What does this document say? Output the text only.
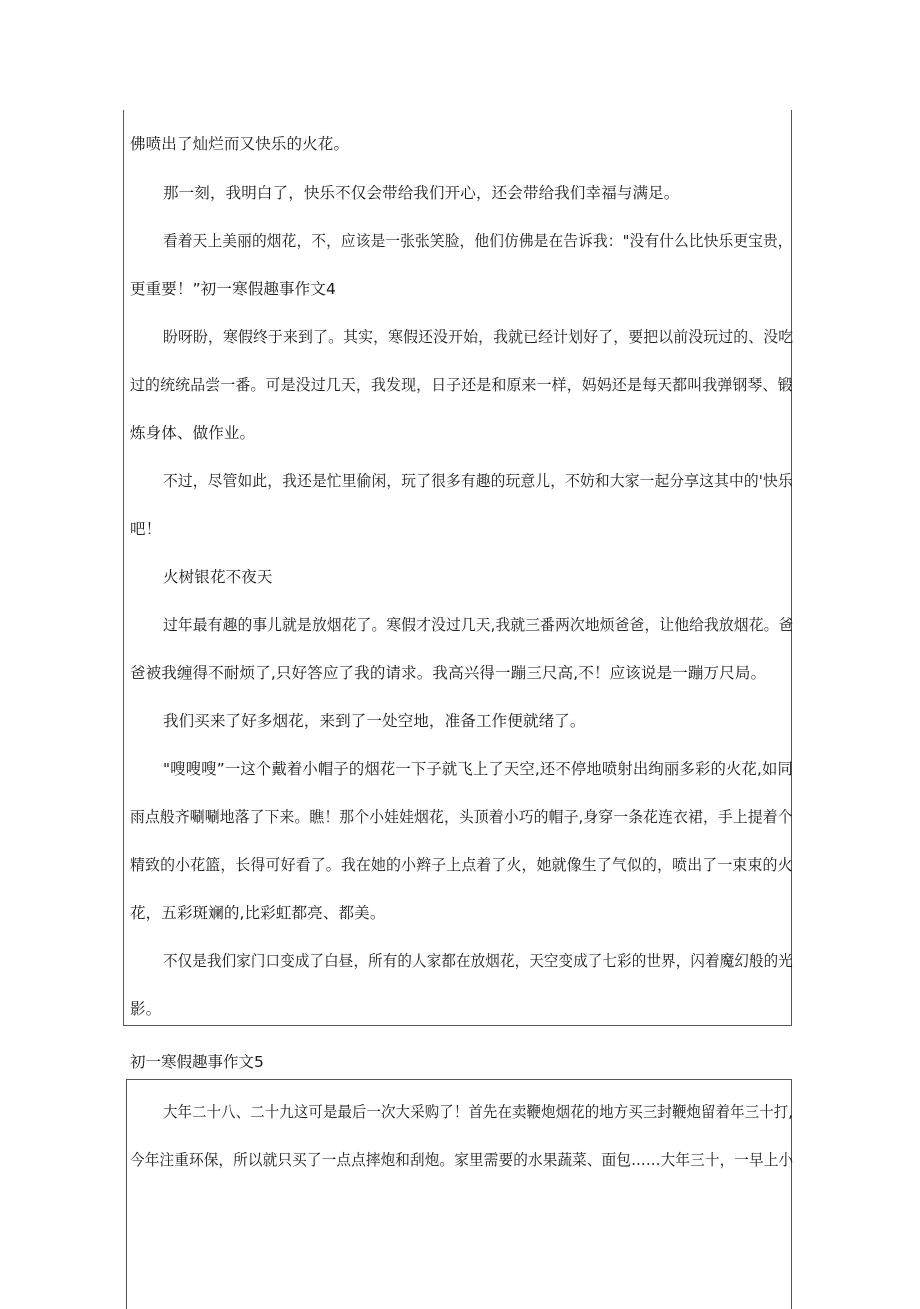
佛喷出了灿烂而又快乐的火花。
那一刻，我明白了，快乐不仅会带给我们开心，还会带给我们幸福与满足。
看着天上美丽的烟花，不，应该是一张张笑脸，他们仿佛是在告诉我："没有什么比快乐更宝贵，
更重要！”初一寒假趣事作文4
盼呀盼，寒假终于来到了。其实，寒假还没开始，我就已经计划好了，要把以前没玩过的、没吃
过的统统品尝一番。可是没过几天，我发现，日子还是和原来一样，妈妈还是每天都叫我弹钢琴、锻
炼身体、做作业。
不过，尽管如此，我还是忙里偷闲，玩了很多有趣的玩意儿，不妨和大家一起分享这其中的'快乐
吧！
火树银花不夜天
过年最有趣的事儿就是放烟花了。寒假才没过几天,我就三番两次地烦爸爸，让他给我放烟花。爸
爸被我缠得不耐烦了,只好答应了我的请求。我高兴得一蹦三尺高,不！应该说是一蹦万尺局。
我们买来了好多烟花，来到了一处空地，准备工作便就绪了。
"嗖嗖嗖”一这个戴着小帽子的烟花一下子就飞上了天空,还不停地喷射出绚丽多彩的火花,如同
雨点般齐唰唰地落了下来。瞧！那个小娃娃烟花，头顶着小巧的帽子,身穿一条花连衣裙，手上提着个
精致的小花篮，长得可好看了。我在她的小辫子上点着了火，她就像生了气似的，喷出了一束束的火
花，五彩斑斓的,比彩虹都亮、都美。
不仅是我们家门口变成了白昼，所有的人家都在放烟花，天空变成了七彩的世界，闪着魔幻般的光
影。
初一寒假趣事作文5
大年二十八、二十九这可是最后一次大采购了！首先在卖鞭炮烟花的地方买三封鞭炮留着年三十打,
今年注重环保，所以就只买了一点点摔炮和刮炮。家里需要的水果蔬菜、面包……大年三十，一早上小
